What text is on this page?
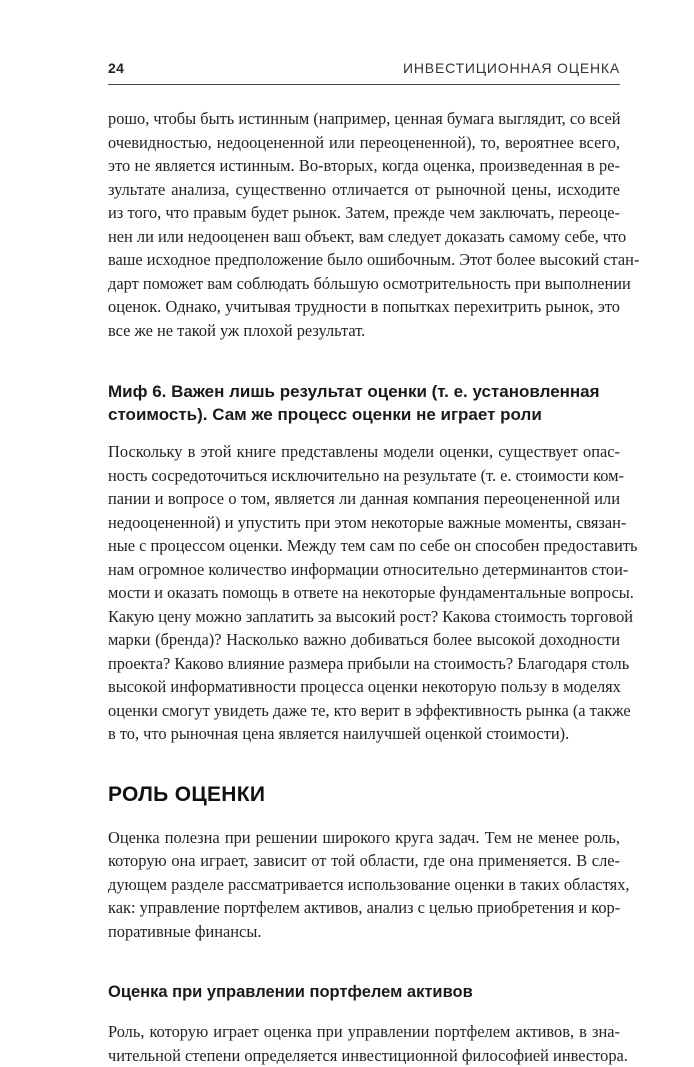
24	ИНВЕСТИЦИОННАЯ ОЦЕНКА

рошо, чтобы быть истинным (например, ценная бумага выглядит, со всей
очевидностью, недооцененной или переоцененной), то, вероятнее всего,
это не является истинным. Во-вторых, когда оценка, произведенная в ре-
зультате анализа, существенно отличается от рыночной цены, исходите
из того, что правым будет рынок. Затем, прежде чем заключать, переоце-
нен ли или недооценен ваш объект, вам следует доказать самому себе, что
ваше исходное предположение было ошибочным. Этот более высокий стан-
дарт поможет вам соблюдать бóльшую осмотрительность при выполнении
оценок. Однако, учитывая трудности в попытках перехитрить рынок, это
все же не такой уж плохой результат.

Миф 6. Важен лишь результат оценки (т. е. установленная
стоимость). Сам же процесс оценки не играет роли

Поскольку в этой книге представлены модели оценки, существует опас-
ность сосредоточиться исключительно на результате (т. е. стоимости ком-
пании и вопросе о том, является ли данная компания переоцененной или
недооцененной) и упустить при этом некоторые важные моменты, связан-
ные с процессом оценки. Между тем сам по себе он способен предоставить
нам огромное количество информации относительно детерминантов стои-
мости и оказать помощь в ответе на некоторые фундаментальные вопросы.
Какую цену можно заплатить за высокий рост? Какова стоимость торговой
марки (бренда)? Насколько важно добиваться более высокой доходности
проекта? Каково влияние размера прибыли на стоимость? Благодаря столь
высокой информативности процесса оценки некоторую пользу в моделях
оценки смогут увидеть даже те, кто верит в эффективность рынка (а также
в то, что рыночная цена является наилучшей оценкой стоимости).

РОЛЬ ОЦЕНКИ

Оценка полезна при решении широкого круга задач. Тем не менее роль,
которую она играет, зависит от той области, где она применяется. В сле-
дующем разделе рассматривается использование оценки в таких областях,
как: управление портфелем активов, анализ с целью приобретения и кор-
поративные финансы.

Оценка при управлении портфелем активов

Роль, которую играет оценка при управлении портфелем активов, в зна-
чительной степени определяется инвестиционной философией инвестора.
